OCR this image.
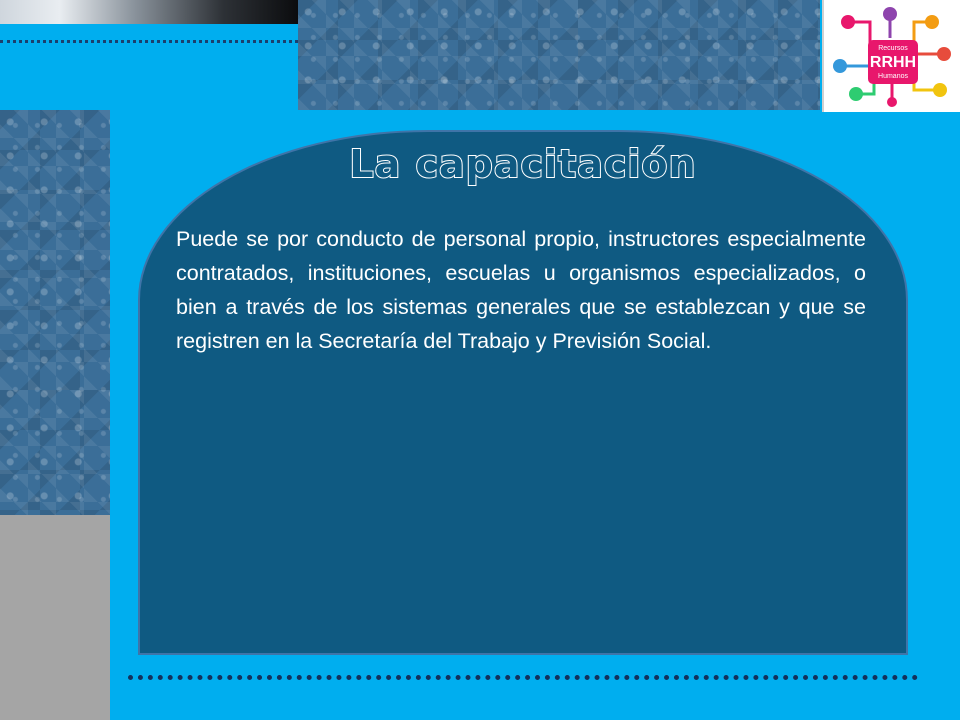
Recursos
RRHH
Humanos
La capacitación
Puede se por conducto de personal propio, instructores especialmente contratados, instituciones, escuelas u organismos especializados, o bien a través de los sistemas generales que se establezcan y que se registren en la Secretaría del Trabajo y Previsión Social.
